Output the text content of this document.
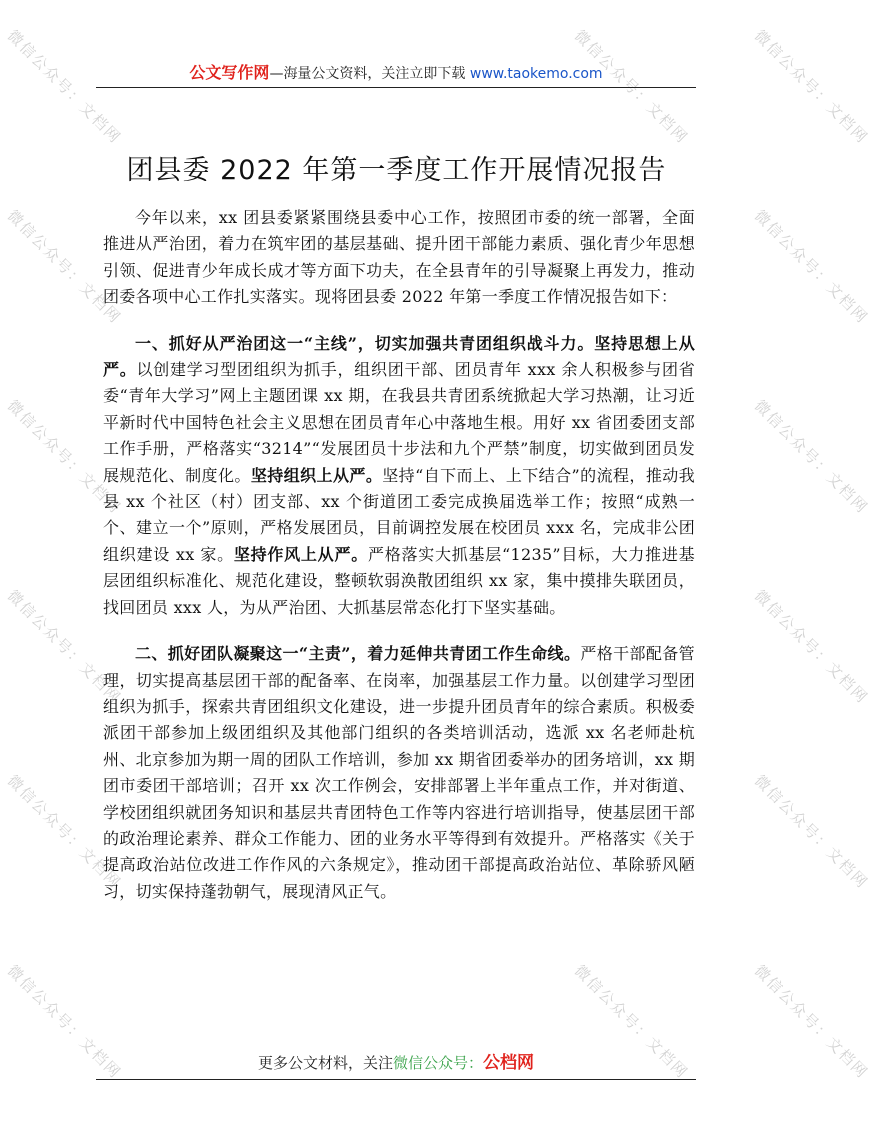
微信公众号：文档网	微信公众号：文档网	微信公众号：文档网
微信公众号：文档网	微信公众号：文档网
微信公众号：文档网	微信公众号：文档网
微信公众号：文档网	微信公众号：文档网
微信公众号：文档网	微信公众号：文档网
微信公众号：文档网	微信公众号：文档网	微信公众号：文档网
公文写作网—海量公文资料，关注立即下载 www.taokemo.com
团县委 2022 年第一季度工作开展情况报告

今年以来，xx 团县委紧紧围绕县委中心工作，按照团市委的统一部署，全面推进从严治团，着力在筑牢团的基层基础、提升团干部能力素质、强化青少年思想引领、促进青少年成长成才等方面下功夫，在全县青年的引导凝聚上再发力，推动团委各项中心工作扎实落实。现将团县委 2022 年第一季度工作情况报告如下：

一、抓好从严治团这一“主线”，切实加强共青团组织战斗力。坚持思想上从严。以创建学习型团组织为抓手，组织团干部、团员青年 xxx 余人积极参与团省委“青年大学习”网上主题团课 xx 期，在我县共青团系统掀起大学习热潮，让习近平新时代中国特色社会主义思想在团员青年心中落地生根。用好 xx 省团委团支部工作手册，严格落实“3214”“发展团员十步法和九个严禁”制度，切实做到团员发展规范化、制度化。坚持组织上从严。坚持“自下而上、上下结合”的流程，推动我县 xx 个社区（村）团支部、xx 个街道团工委完成换届选举工作；按照“成熟一个、建立一个”原则，严格发展团员，目前调控发展在校团员 xxx 名，完成非公团组织建设 xx 家。坚持作风上从严。严格落实大抓基层“1235”目标，大力推进基层团组织标准化、规范化建设，整顿软弱涣散团组织 xx 家，集中摸排失联团员，找回团员 xxx 人，为从严治团、大抓基层常态化打下坚实基础。

二、抓好团队凝聚这一“主责”，着力延伸共青团工作生命线。严格干部配备管理，切实提高基层团干部的配备率、在岗率，加强基层工作力量。以创建学习型团组织为抓手，探索共青团组织文化建设，进一步提升团员青年的综合素质。积极委派团干部参加上级团组织及其他部门组织的各类培训活动，选派 xx 名老师赴杭州、北京参加为期一周的团队工作培训，参加 xx 期省团委举办的团务培训，xx 期团市委团干部培训；召开 xx 次工作例会，安排部署上半年重点工作，并对街道、学校团组织就团务知识和基层共青团特色工作等内容进行培训指导，使基层团干部的政治理论素养、群众工作能力、团的业务水平等得到有效提升。严格落实《关于提高政治站位改进工作作风的六条规定》，推动团干部提高政治站位、革除骄风陋习，切实保持蓬勃朝气，展现清风正气。

更多公文材料，关注微信公众号：公档网
